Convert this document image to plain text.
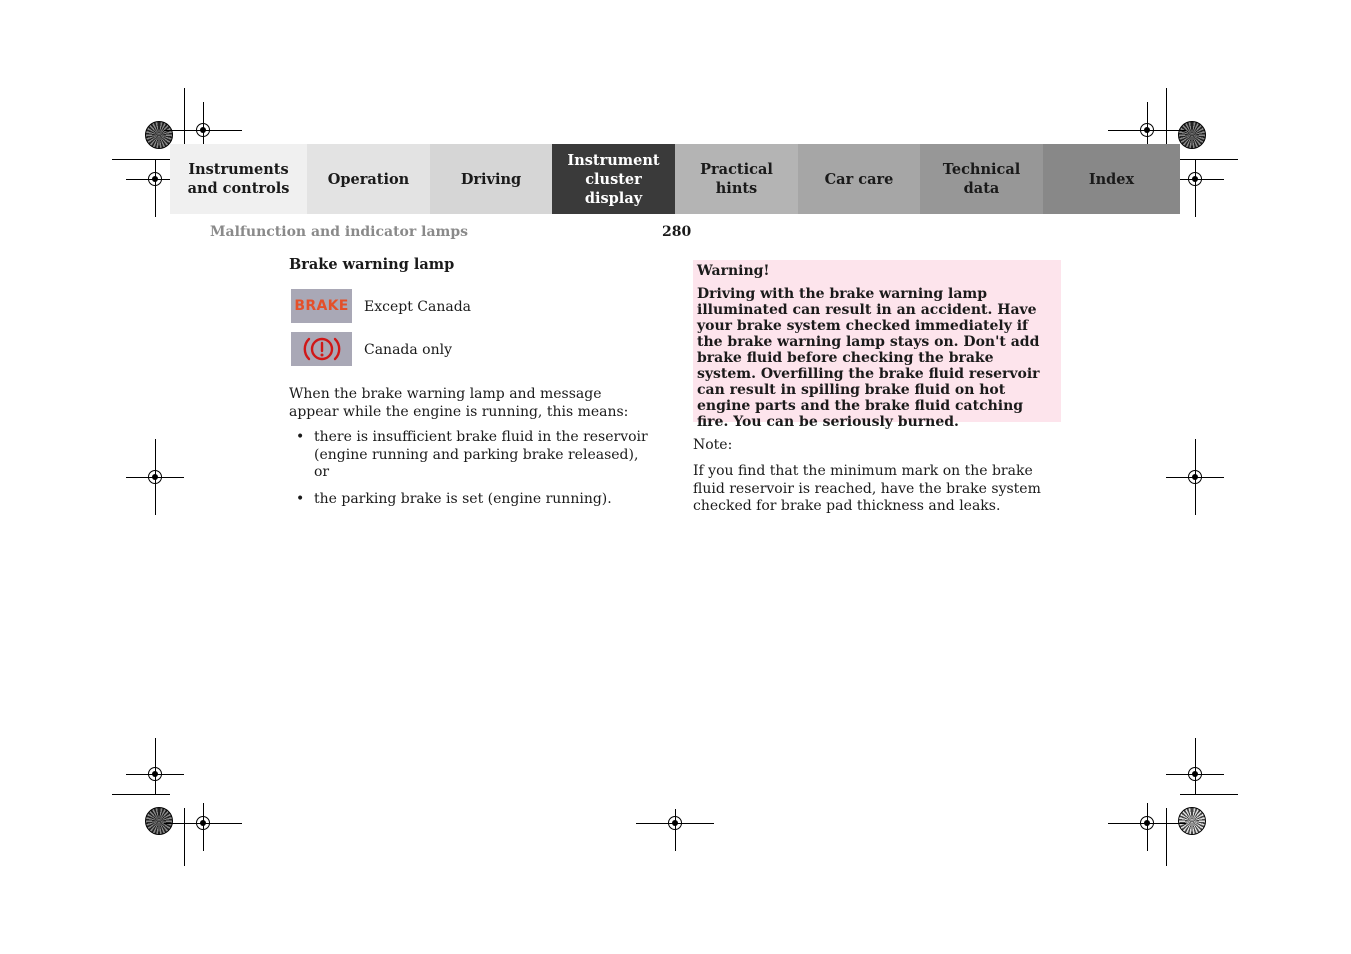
Instruments
and controls
Operation	Driving
Instrument
cluster display
Practical hints
Car care
Technical
data
Index
Malfunction and indicator lamps	280
Brake warning lamp
BRAKE Except Canada
Canada only
When the brake warning lamp and message appear while the engine is running, this means:
• there is insufficient brake fluid in the reservoir (engine running and parking brake released), or
• the parking brake is set (engine running).
Warning!
Driving with the brake warning lamp illuminated can result in an accident. Have your brake system checked immediately if the brake warning lamp stays on. Don't add brake fluid before checking the brake system. Overfilling the brake fluid reservoir can result in spilling brake fluid on hot engine parts and the brake fluid catching fire. You can be seriously burned.
Note:
If you find that the minimum mark on the brake fluid reservoir is reached, have the brake system checked for brake pad thickness and leaks.
